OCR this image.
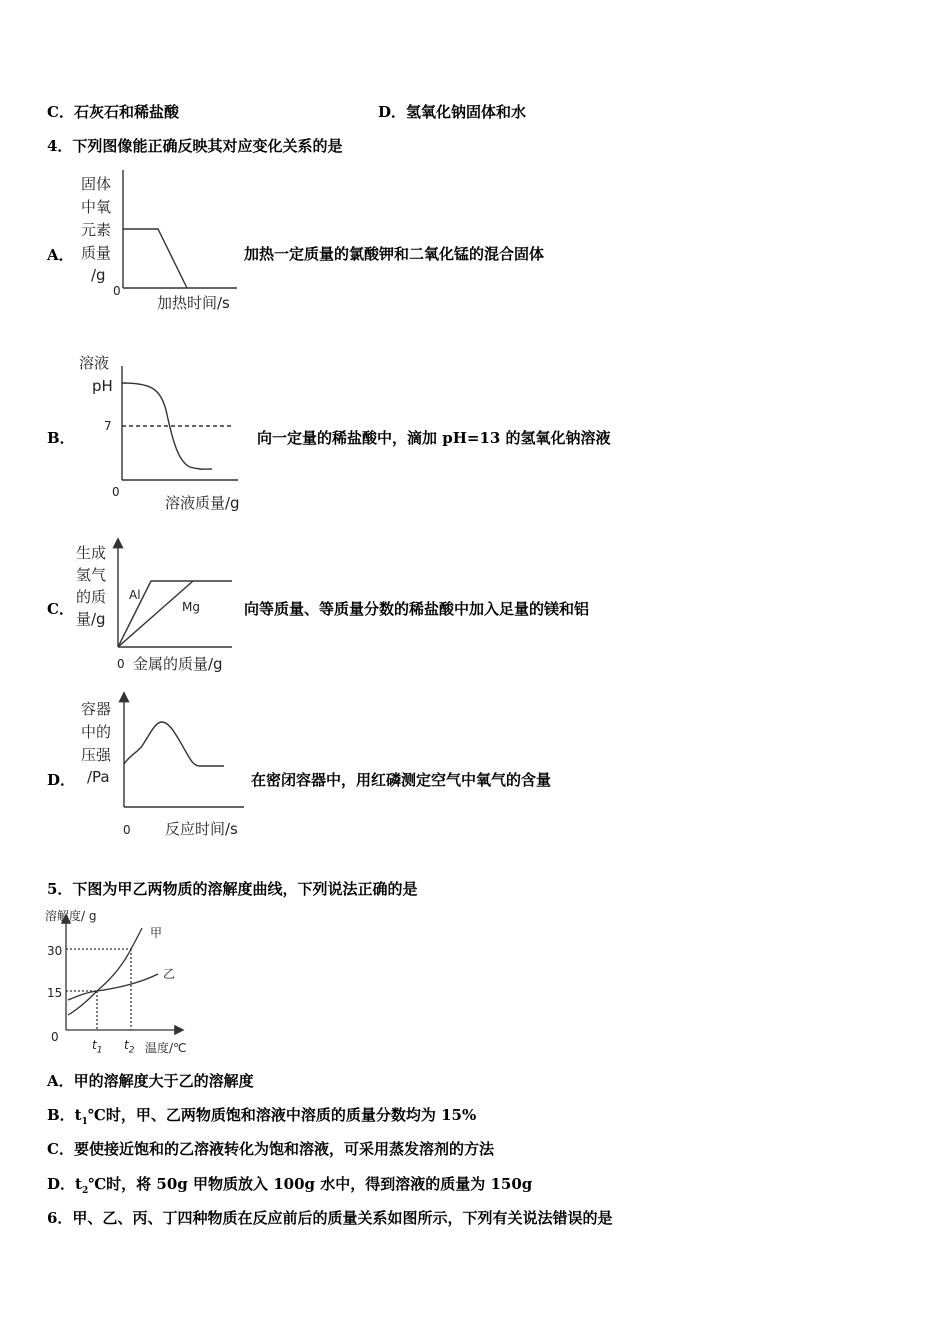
C．石灰石和稀盐酸	D．氢氧化钠固体和水
4．下列图像能正确反映其对应变化关系的是
A．	加热一定质量的氯酸钾和二氧化锰的混合固体
固体
中氧
元素
质量
/g
0
加热时间/s
B．	向一定量的稀盐酸中，滴加 pH=13 的氢氧化钠溶液
溶液
pH
7
0
溶液质量/g
C．	向等质量、等质量分数的稀盐酸中加入足量的镁和铝
生成
氢气
的质
量/g
Al
Mg
0 金属的质量/g
D．	在密闭容器中，用红磷测定空气中氧气的含量
容器
中的
压强
/Pa
0 反应时间/s
5．下图为甲乙两物质的溶解度曲线，下列说法正确的是
溶解度/ g
30
15
0
$t_1$ $t_2$ 温度/℃
甲
乙
A．甲的溶解度大于乙的溶解度
B．$t_1℃$时，甲、乙两物质饱和溶液中溶质的质量分数均为 15%
C．要使接近饱和的乙溶液转化为饱和溶液，可采用蒸发溶剂的方法
D．$t_2℃$时，将 50g 甲物质放入 100g 水中，得到溶液的质量为 150g
6．甲、乙、丙、丁四种物质在反应前后的质量关系如图所示，下列有关说法错误的是
